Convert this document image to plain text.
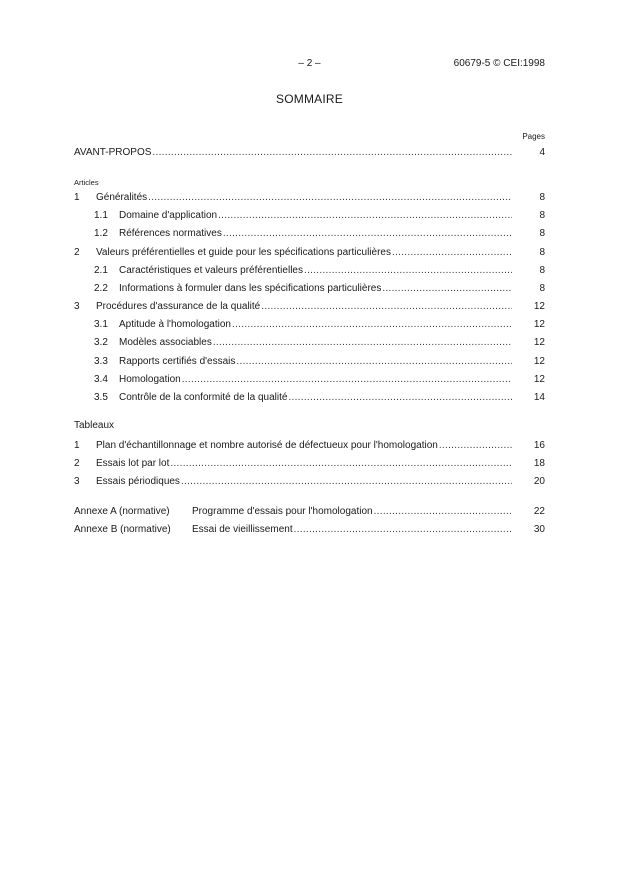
– 2 –	60679-5 © CEI:1998
SOMMAIRE
Pages
AVANT-PROPOS .....	4
Articles
1	Généralités .....	8
1.1	Domaine d'application .....	8
1.2	Références normatives .....	8
2	Valeurs préférentielles et guide pour les spécifications particulières .....	8
2.1	Caractéristiques et valeurs préférentielles .....	8
2.2	Informations à formuler dans les spécifications particulières .....	8
3	Procédures d'assurance de la qualité .....	12
3.1	Aptitude à l'homologation .....	12
3.2	Modèles associables .....	12
3.3	Rapports certifiés d'essais .....	12
3.4	Homologation .....	12
3.5	Contrôle de la conformité de la qualité .....	14
Tableaux
1	Plan d'échantillonnage et nombre autorisé de défectueux pour l'homologation .....	16
2	Essais lot par lot .....	18
3	Essais périodiques .....	20
Annexe A (normative)	Programme d'essais pour l'homologation .....	22
Annexe B (normative)	Essai de vieillissement .....	30
